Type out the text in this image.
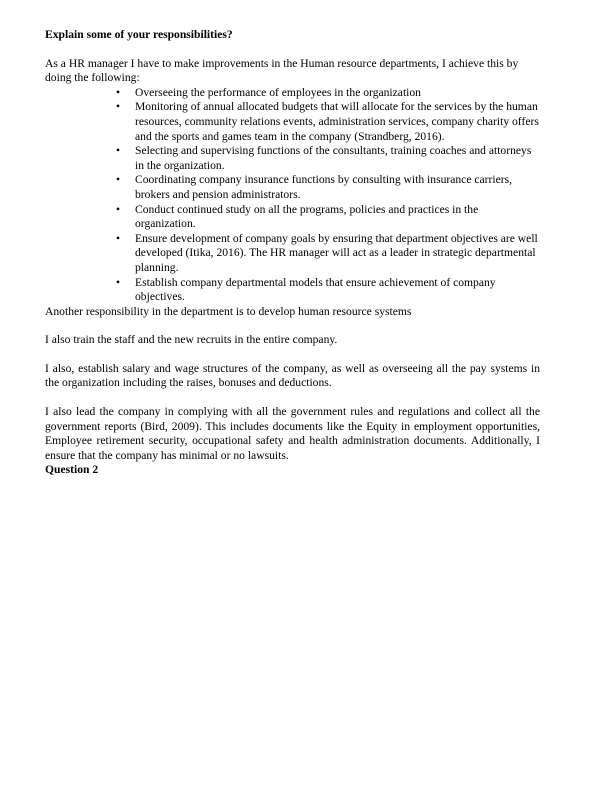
Explain some of your responsibilities?

As a HR manager I have to make improvements in the Human resource departments, I achieve this by doing the following:

• Overseeing the performance of employees in the organization
• Monitoring of annual allocated budgets that will allocate for the services by the human resources, community relations events, administration services, company charity offers and the sports and games team in the company (Strandberg, 2016).
• Selecting and supervising functions of the consultants, training coaches and attorneys in the organization.
• Coordinating company insurance functions by consulting with insurance carriers, brokers and pension administrators.
• Conduct continued study on all the programs, policies and practices in the organization.
• Ensure development of company goals by ensuring that department objectives are well developed (Itika, 2016). The HR manager will act as a leader in strategic departmental planning.
• Establish company departmental models that ensure achievement of company objectives.

Another responsibility in the department is to develop human resource systems

I also train the staff and the new recruits in the entire company.

I also, establish salary and wage structures of the company, as well as overseeing all the pay systems in the organization including the raises, bonuses and deductions.

I also lead the company in complying with all the government rules and regulations and collect all the government reports (Bird, 2009). This includes documents like the Equity in employment opportunities, Employee retirement security, occupational safety and health administration documents. Additionally, I ensure that the company has minimal or no lawsuits.

Question 2
